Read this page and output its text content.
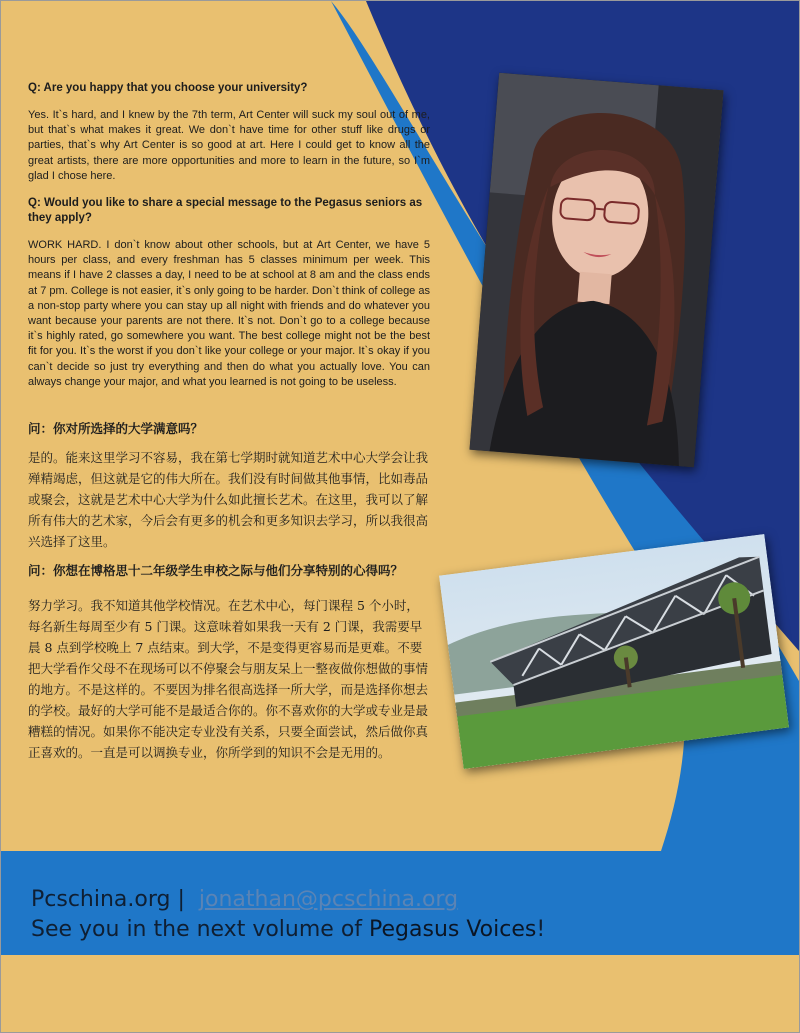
Q: Are you happy that you choose your university?

Yes. It`s hard, and I knew by the 7th term, Art Center will suck my soul out of me, but that`s what makes it great. We don`t have time for other stuff like drugs or parties, that`s why Art Center is so good at art. Here I could get to know all the great artists, there are more opportunities and more to learn in the future, so I`m glad I chose here.

Q: Would you like to share a special message to the Pegasus seniors as they apply?

WORK HARD. I don`t know about other schools, but at Art Center, we have 5 hours per class, and every freshman has 5 classes minimum per week. This means if I have 2 classes a day, I need to be at school at 8 am and the class ends at 7 pm. College is not easier, it`s only going to be harder. Don`t think of college as a non-stop party where you can stay up all night with friends and do whatever you want because your parents are not there. It`s not. Don`t go to a college because it`s highly rated, go somewhere you want. The best college might not be the best fit for you. It`s the worst if you don`t like your college or your major. It`s okay if you can`t decide so just try everything and then do what you actually love. You can always change your major, and what you learned is not going to be useless.

问：你对所选择的大学满意吗？

是的。能来这里学习不容易，我在第七学期时就知道艺术中心大学会让我殚精竭虑，但这就是它的伟大所在。我们没有时间做其他事情，比如毒品或聚会，这就是艺术中心大学为什么如此擅长艺术。在这里，我可以了解所有伟大的艺术家，今后会有更多的机会和更多知识去学习，所以我很高兴选择了这里。

问：你想在博格思十二年级学生申校之际与他们分享特别的心得吗？

努力学习。我不知道其他学校情况。在艺术中心，每门课程 5 个小时，每名新生每周至少有 5 门课。这意味着如果我一天有 2 门课，我需要早晨 8 点到学校晚上 7 点结束。到大学，不是变得更容易而是更难。不要把大学看作父母不在现场可以不停聚会与朋友呆上一整夜做你想做的事情的地方。不是这样的。不要因为排名很高选择一所大学，而是选择你想去的学校。最好的大学可能不是最适合你的。你不喜欢你的大学或专业是最糟糕的情况。如果你不能决定专业没有关系，只要全面尝试，然后做你真正喜欢的。一直是可以调换专业，你所学到的知识不会是无用的。

Pcschina.org |  jonathan@pcschina.org
See you in the next volume of Pegasus Voices!
